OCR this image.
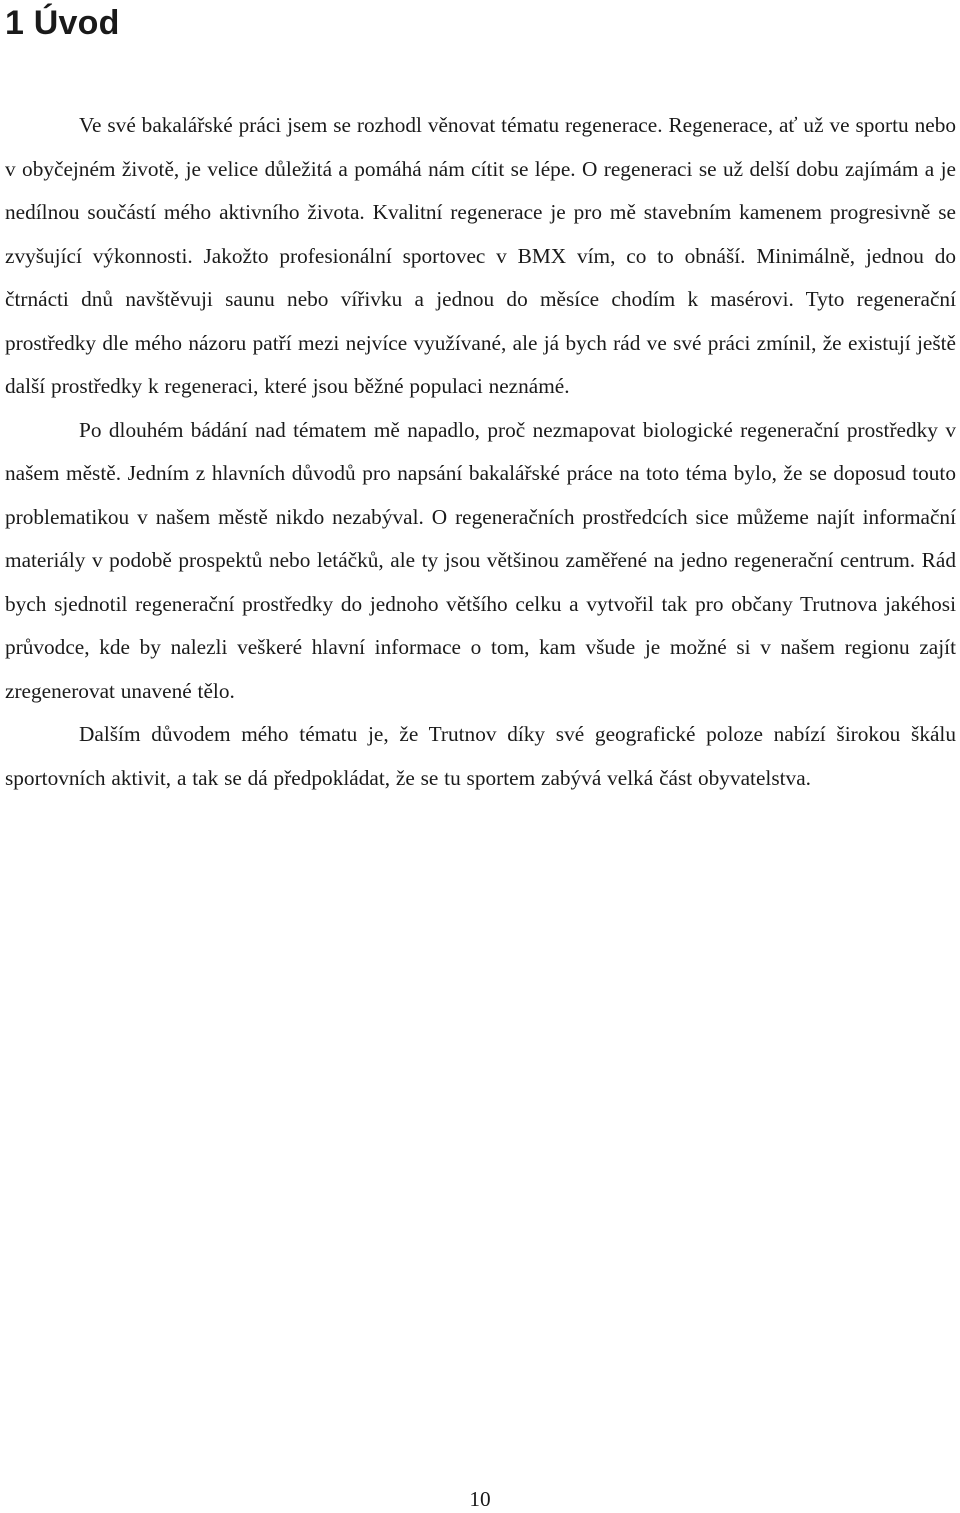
1 Úvod

Ve své bakalářské práci jsem se rozhodl věnovat tématu regenerace. Regenerace, ať už ve sportu nebo v obyčejném životě, je velice důležitá a pomáhá nám cítit se lépe. O regeneraci se už delší dobu zajímám a je nedílnou součástí mého aktivního života. Kvalitní regenerace je pro mě stavebním kamenem progresivně se zvyšující výkonnosti. Jakožto profesionální sportovec v BMX vím, co to obnáší. Minimálně, jednou do čtrnácti dnů navštěvuji saunu nebo vířivku a jednou do měsíce chodím k masérovi. Tyto regenerační prostředky dle mého názoru patří mezi nejvíce využívané, ale já bych rád ve své práci zmínil, že existují ještě další prostředky k regeneraci, které jsou běžné populaci neznámé.

Po dlouhém bádání nad tématem mě napadlo, proč nezmapovat biologické regenerační prostředky v našem městě. Jedním z hlavních důvodů pro napsání bakalářské práce na toto téma bylo, že se doposud touto problematikou v našem městě nikdo nezabýval. O regeneračních prostředcích sice můžeme najít informační materiály v podobě prospektů nebo letáčků, ale ty jsou většinou zaměřené na jedno regenerační centrum. Rád bych sjednotil regenerační prostředky do jednoho většího celku a vytvořil tak pro občany Trutnova jakéhosi průvodce, kde by nalezli veškeré hlavní informace o tom, kam všude je možné si v našem regionu zajít zregenerovat unavené tělo.

Dalším důvodem mého tématu je, že Trutnov díky své geografické poloze nabízí širokou škálu sportovních aktivit, a tak se dá předpokládat, že se tu sportem zabývá velká část obyvatelstva.

10
